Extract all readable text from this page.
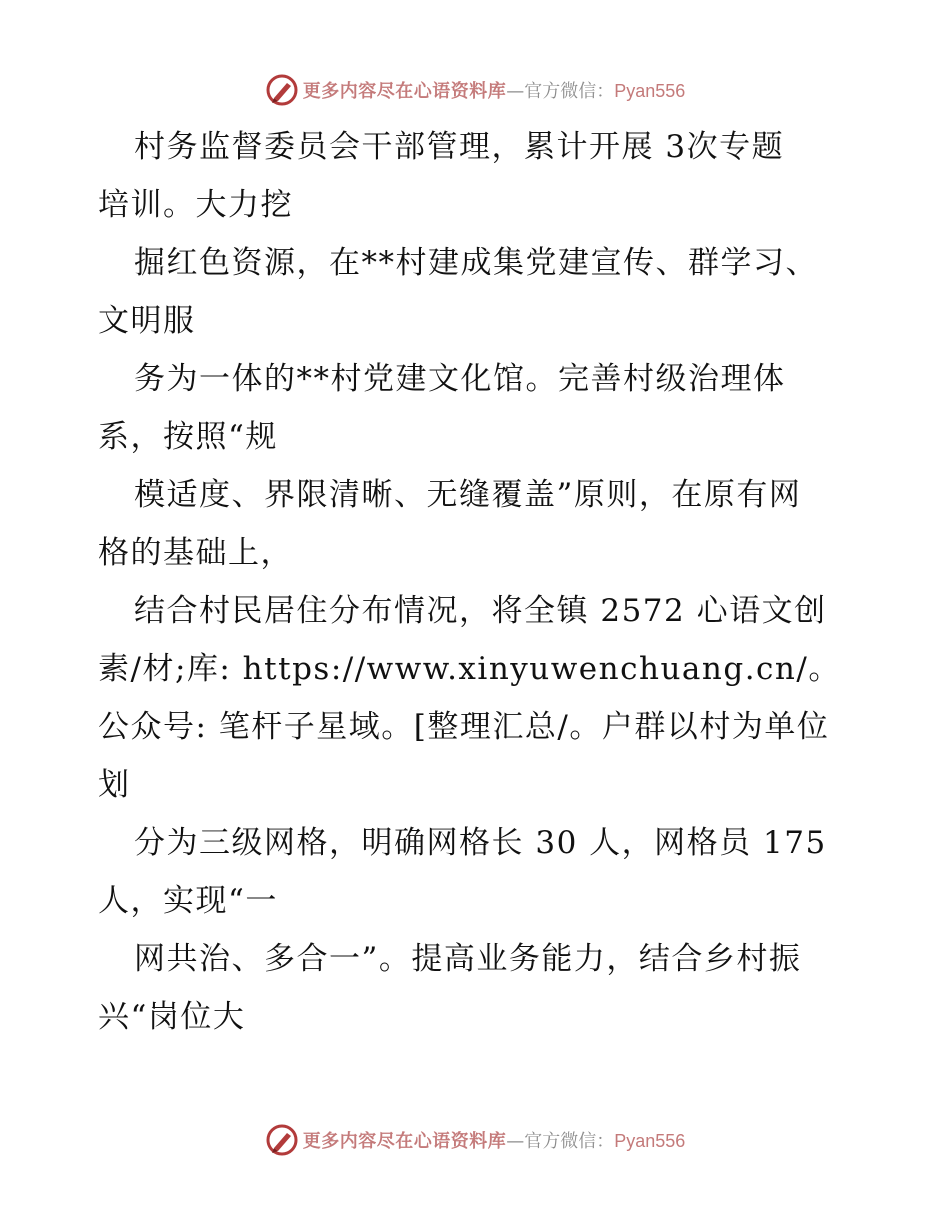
更多内容尽在心语资料库 —官方微信： Pyan556

村务监督委员会干部管理，累计开展 3次专题
培训。大力挖

掘红色资源，在**村建成集党建宣传、群学习、
文明服

务为一体的**村党建文化馆。完善村级治理体
系，按照“规

模适度、界限清晰、无缝覆盖”原则，在原有网
格的基础上，

结合村民居住分布情况，将全镇 2572 心语文创素/材;库: https://www.xinyuwenchuang.cn/。公众号: 笔杆子星域。[整理汇总/。户群以村为单位
划

分为三级网格，明确网格长 30 人，网格员 175
人，实现“一

网共治、多合一”。提高业务能力，结合乡村振
兴“岗位大

更多内容尽在心语资料库 —官方微信： Pyan556
